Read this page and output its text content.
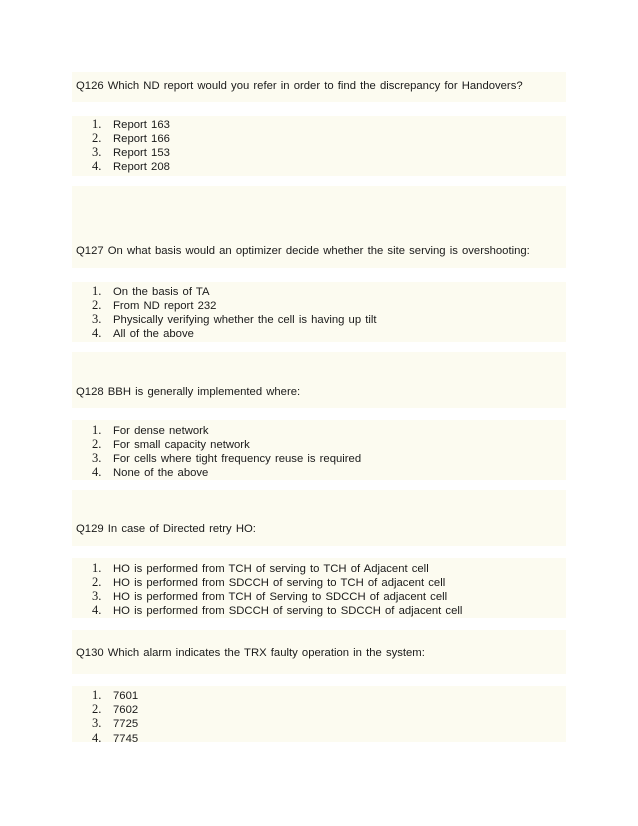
Q126 Which ND report would you refer in order to find the discrepancy for Handovers?
1. Report 163
2. Report 166
3. Report 153
4. Report 208
Q127 On what basis would an optimizer decide whether the site serving is overshooting:
1. On the basis of TA
2. From ND report 232
3. Physically verifying whether the cell is having up tilt
4. All of the above
Q128 BBH is generally implemented where:
1. For dense network
2. For small capacity network
3. For cells where tight frequency reuse is required
4. None of the above
Q129 In case of Directed retry HO:
1. HO is performed from TCH of serving to TCH of Adjacent cell
2. HO is performed from SDCCH of serving to TCH of adjacent cell
3. HO is performed from TCH of Serving to SDCCH of adjacent cell
4. HO is performed from SDCCH of serving to SDCCH of adjacent cell
Q130 Which alarm indicates the TRX faulty operation in the system:
1. 7601
2. 7602
3. 7725
4. 7745
